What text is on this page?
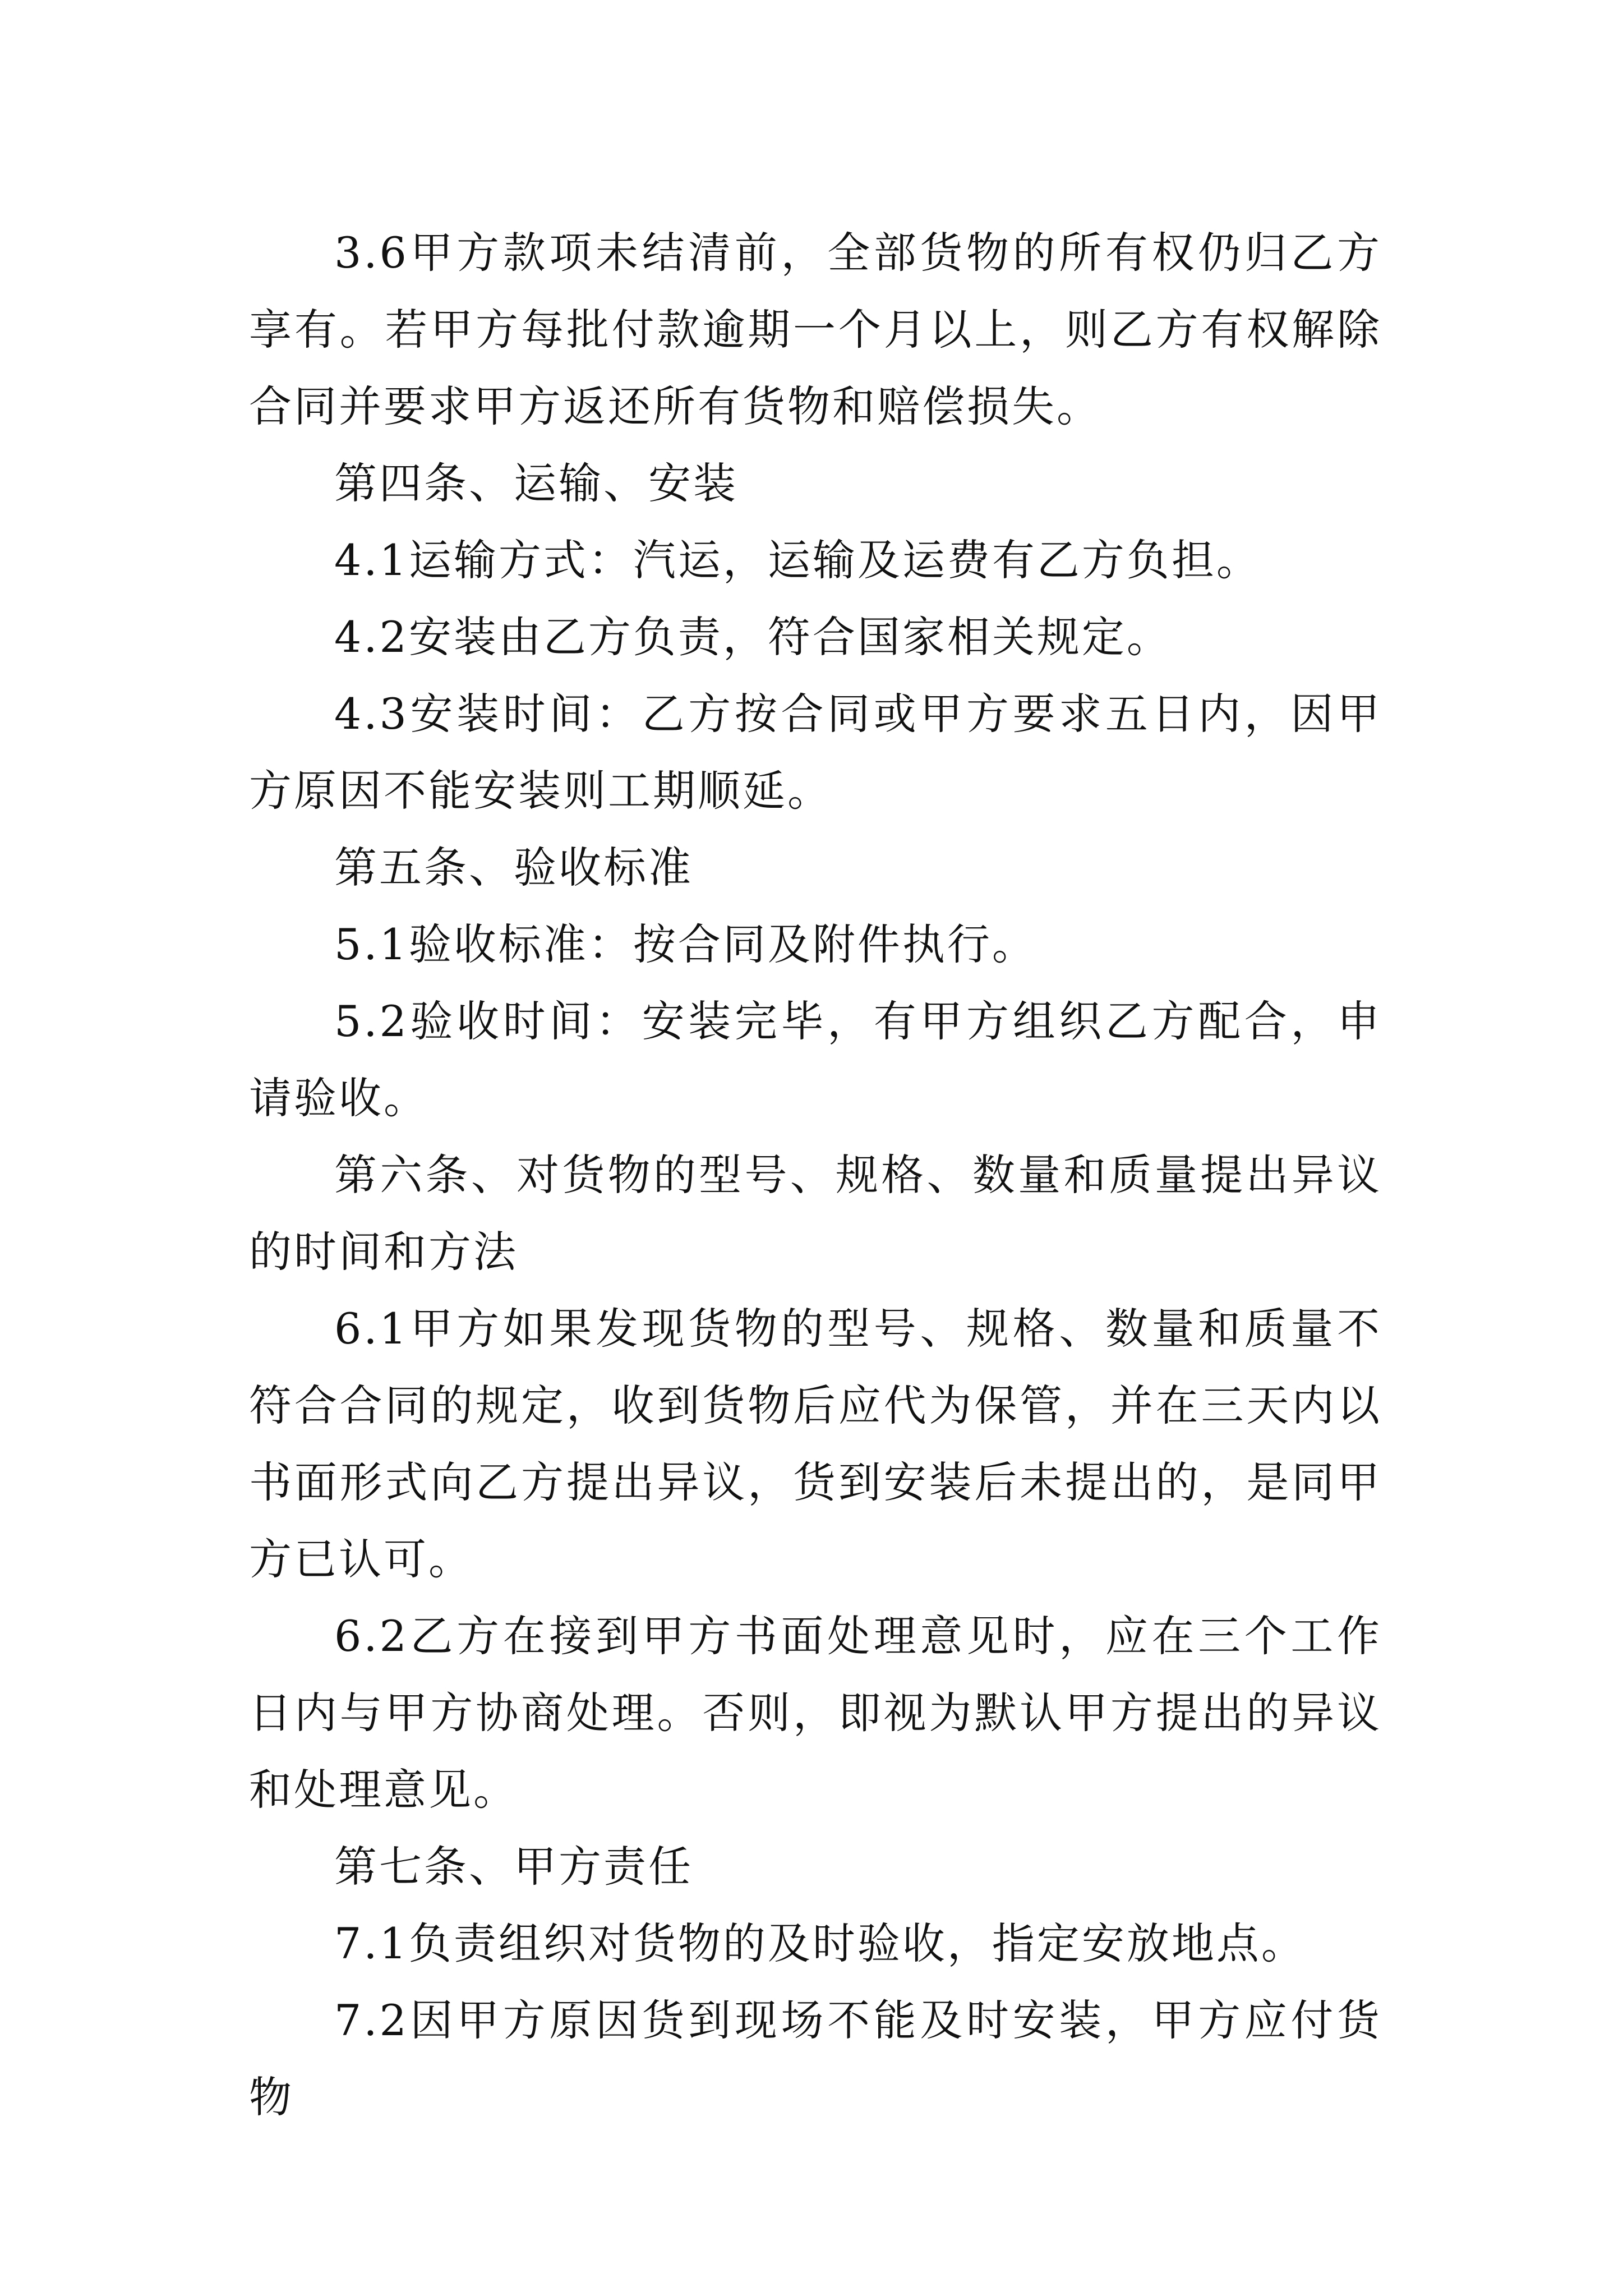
3.6甲方款项未结清前，全部货物的所有权仍归乙方享有。若甲方每批付款逾期一个月以上，则乙方有权解除合同并要求甲方返还所有货物和赔偿损失。

第四条、运输、安装

4.1运输方式：汽运，运输及运费有乙方负担。

4.2安装由乙方负责，符合国家相关规定。

4.3安装时间：乙方按合同或甲方要求五日内，因甲方原因不能安装则工期顺延。

第五条、验收标准

5.1验收标准：按合同及附件执行。

5.2验收时间：安装完毕，有甲方组织乙方配合，申请验收。

第六条、对货物的型号、规格、数量和质量提出异议的时间和方法

6.1甲方如果发现货物的型号、规格、数量和质量不符合合同的规定，收到货物后应代为保管，并在三天内以书面形式向乙方提出异议，货到安装后未提出的，是同甲方已认可。

6.2乙方在接到甲方书面处理意见时，应在三个工作日内与甲方协商处理。否则，即视为默认甲方提出的异议和处理意见。

第七条、甲方责任

7.1负责组织对货物的及时验收，指定安放地点。

7.2因甲方原因货到现场不能及时安装，甲方应付货物
